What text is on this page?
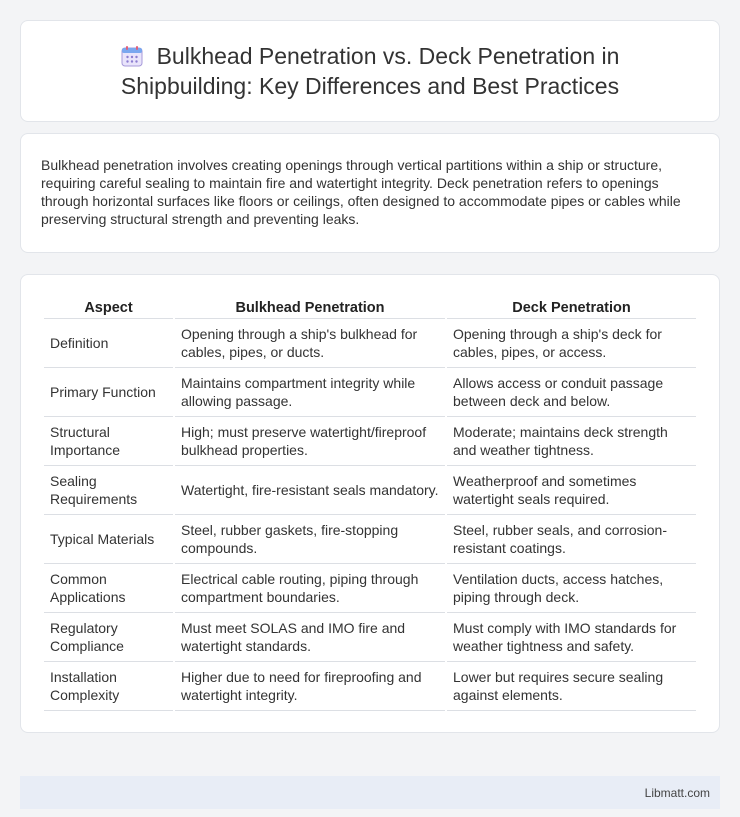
Bulkhead Penetration vs. Deck Penetration in Shipbuilding: Key Differences and Best Practices

Bulkhead penetration involves creating openings through vertical partitions within a ship or structure, requiring careful sealing to maintain fire and watertight integrity. Deck penetration refers to openings through horizontal surfaces like floors or ceilings, often designed to accommodate pipes or cables while preserving structural strength and preventing leaks.

Aspect	Bulkhead Penetration	Deck Penetration
Definition	Opening through a ship's bulkhead for cables, pipes, or ducts.	Opening through a ship's deck for cables, pipes, or access.
Primary Function	Maintains compartment integrity while allowing passage.	Allows access or conduit passage between deck and below.
Structural Importance	High; must preserve watertight/fireproof bulkhead properties.	Moderate; maintains deck strength and weather tightness.
Sealing Requirements	Watertight, fire-resistant seals mandatory.	Weatherproof and sometimes watertight seals required.
Typical Materials	Steel, rubber gaskets, fire-stopping compounds.	Steel, rubber seals, and corrosion-resistant coatings.
Common Applications	Electrical cable routing, piping through compartment boundaries.	Ventilation ducts, access hatches, piping through deck.
Regulatory Compliance	Must meet SOLAS and IMO fire and watertight standards.	Must comply with IMO standards for weather tightness and safety.
Installation Complexity	Higher due to need for fireproofing and watertight integrity.	Lower but requires secure sealing against elements.
Libmatt.com
